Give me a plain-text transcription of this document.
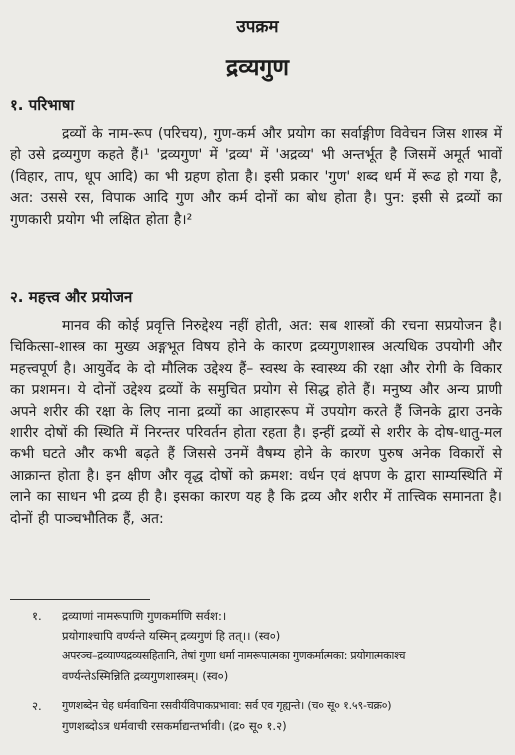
उपक्रम
द्रव्यगुण
१. परिभाषा
द्रव्यों के नाम-रूप (परिचय), गुण-कर्म और प्रयोग का सर्वाङ्गीण विवेचन जिस शास्त्र में हो उसे द्रव्यगुण कहते हैं।¹ 'द्रव्यगुण' में 'द्रव्य' में 'अद्रव्य' भी अन्तर्भूत है जिसमें अमूर्त भावों (विहार, ताप, धूप आदि) का भी ग्रहण होता है। इसी प्रकार 'गुण' शब्द धर्म में रूढ हो गया है, अत: उससे रस, विपाक आदि गुण और कर्म दोनों का बोध होता है। पुन: इसी से द्रव्यों का गुणकारी प्रयोग भी लक्षित होता है।²
२. महत्त्व और प्रयोजन
मानव की कोई प्रवृत्ति निरुद्देश्य नहीं होती, अत: सब शास्त्रों की रचना सप्रयोजन है। चिकित्सा-शास्त्र का मुख्य अङ्गभूत विषय होने के कारण द्रव्यगुणशास्त्र अत्यधिक उपयोगी और महत्त्वपूर्ण है। आयुर्वेद के दो मौलिक उद्देश्य हैं– स्वस्थ के स्वास्थ्य की रक्षा और रोगी के विकार का प्रशमन। ये दोनों उद्देश्य द्रव्यों के समुचित प्रयोग से सिद्ध होते हैं। मनुष्य और अन्य प्राणी अपने शरीर की रक्षा के लिए नाना द्रव्यों का आहाररूप में उपयोग करते हैं जिनके द्वारा उनके शारीर दोषों की स्थिति में निरन्तर परिवर्तन होता रहता है। इन्हीं द्रव्यों से शरीर के दोष-धातु-मल कभी घटते और कभी बढ़ते हैं जिससे उनमें वैषम्य होने के कारण पुरुष अनेक विकारों से आक्रान्त होता है। इन क्षीण और वृद्ध दोषों को क्रमश: वर्धन एवं क्षपण के द्वारा साम्यस्थिति में लाने का साधन भी द्रव्य ही है। इसका कारण यह है कि द्रव्य और शरीर में तात्त्विक समानता है। दोनों ही पाञ्चभौतिक हैं, अत:
१.	द्रव्याणां नामरूपाणि गुणकर्माणि सर्वश:।
प्रयोगाश्चापि वर्ण्यन्ते यस्मिन् द्रव्यगुणं हि तत्।। (स्व०)
अपरञ्च–द्रव्याण्यद्रव्यसहितानि, तेषां गुणा धर्मा नामरूपात्मका गुणकर्मात्मका: प्रयोगात्मकाश्च
वर्ण्यन्तेऽस्मिन्निति द्रव्यगुणशास्त्रम्। (स्व०)
२.	गुणशब्देन चेह धर्मवाचिना रसवीर्यविपाकप्रभावा: सर्व एव गृह्यन्ते। (च० सू० १.५९-चक्र०)
गुणशब्दोऽत्र धर्मवाची रसकर्माद्यन्तर्भावी। (द्र० सू० १.२)
